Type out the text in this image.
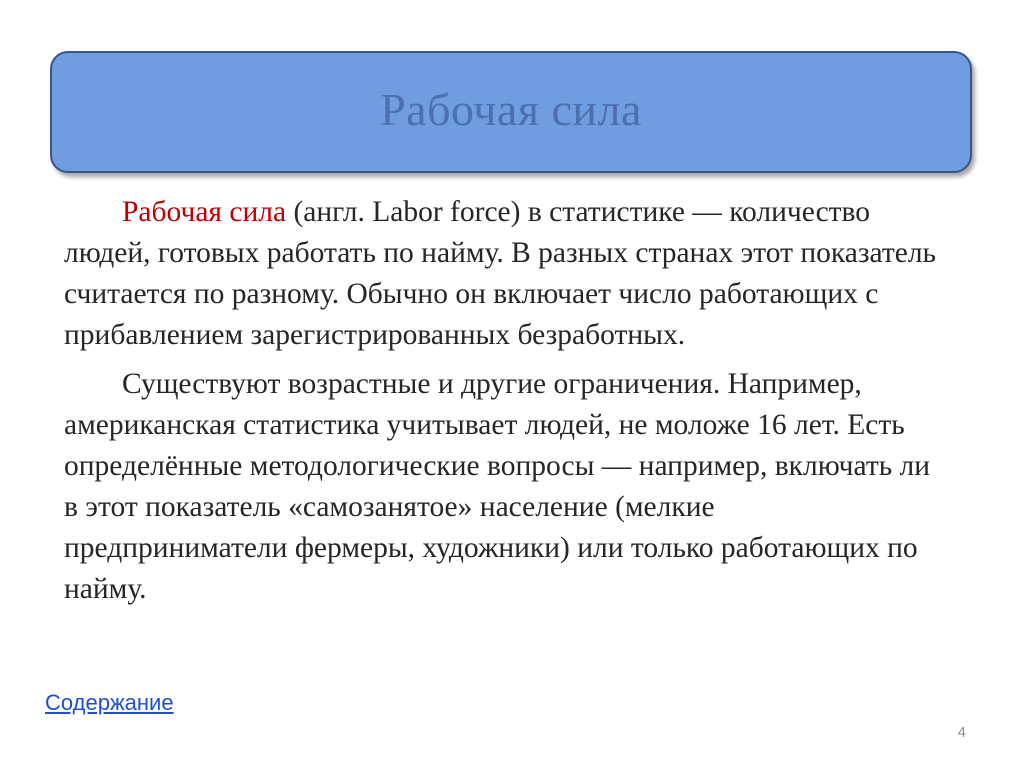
Рабочая сила

Рабочая сила (англ. Labor force) в статистике — количество людей, готовых работать по найму. В разных странах этот показатель считается по разному. Обычно он включает число работающих с прибавлением зарегистрированных безработных.

Существуют возрастные и другие ограничения. Например, американская статистика учитывает людей, не моложе 16 лет. Есть определённые методологические вопросы — например, включать ли в этот показатель «самозанятое» население (мелкие предприниматели фермеры, художники) или только работающих по найму.

Содержание
4
